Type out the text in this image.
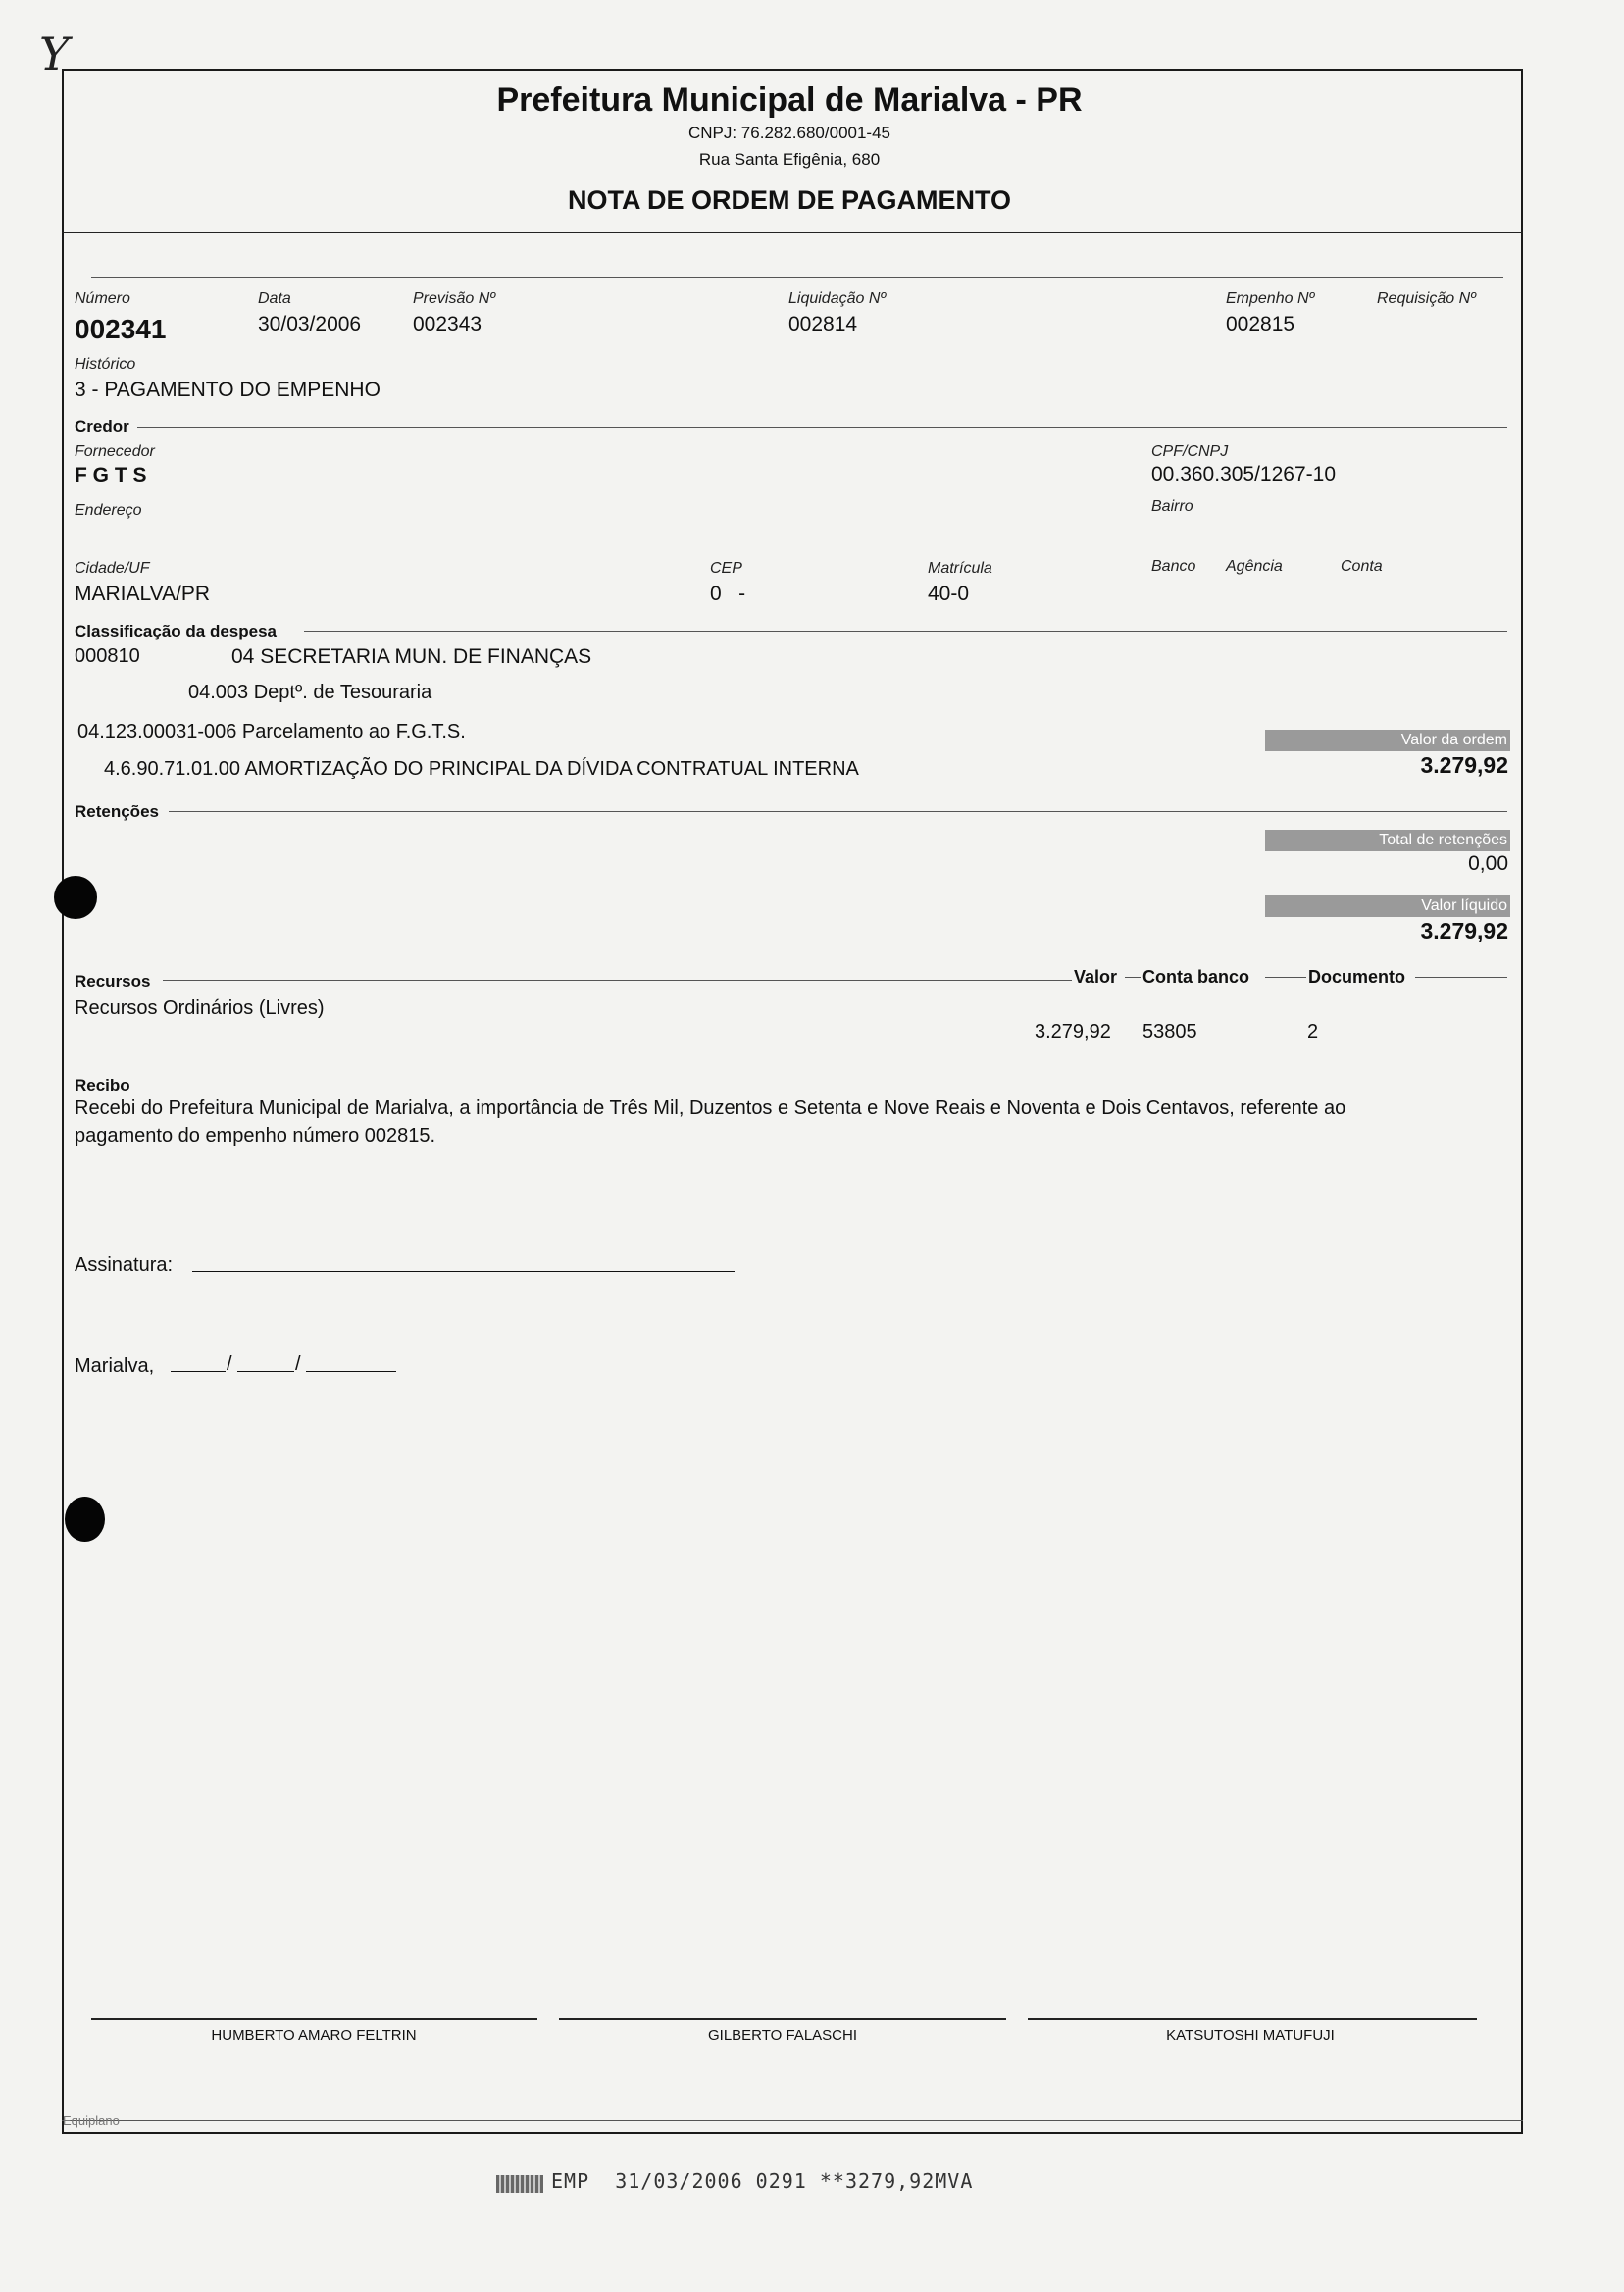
Y
Prefeitura Municipal de Marialva - PR
CNPJ: 76.282.680/0001-45
Rua Santa Efigênia, 680
NOTA DE ORDEM DE PAGAMENTO
Número
002341
Data
30/03/2006
Previsão Nº
002343
Liquidação Nº
002814
Empenho Nº
002815
Requisição Nº
Histórico
3 - PAGAMENTO DO EMPENHO
Credor
Fornecedor
F G T S
CPF/CNPJ
00.360.305/1267-10
Endereço	Bairro
Cidade/UF
MARIALVA/PR
CEP
0   -
Matrícula
40-0
Banco Agência	Conta
Classificação da despesa
000810	04 SECRETARIA MUN. DE FINANÇAS
04.003 Deptº. de Tesouraria
04.123.00031-006 Parcelamento ao F.G.T.S.
4.6.90.71.01.00 AMORTIZAÇÃO DO PRINCIPAL DA DÍVIDA CONTRATUAL INTERNA
Valor da ordem
3.279,92
Retenções
Total de retenções
0,00
Valor líquido
3.279,92
Recursos	Valor Conta banco	Documento
Recursos Ordinários (Livres)
3.279,92 53805	2
Recibo
Recebi do Prefeitura Municipal de Marialva, a importância de Três Mil, Duzentos e Setenta e Nove Reais e Noventa e Dois Centavos, referente ao
pagamento do empenho número 002815.
Assinatura:
Marialva,	/	/
HUMBERTO AMARO FELTRIN	GILBERTO FALASCHI	KATSUTOSHI MATUFUJI
Equiplano
EMP  31/03/2006 0291 **3279,92MVA
